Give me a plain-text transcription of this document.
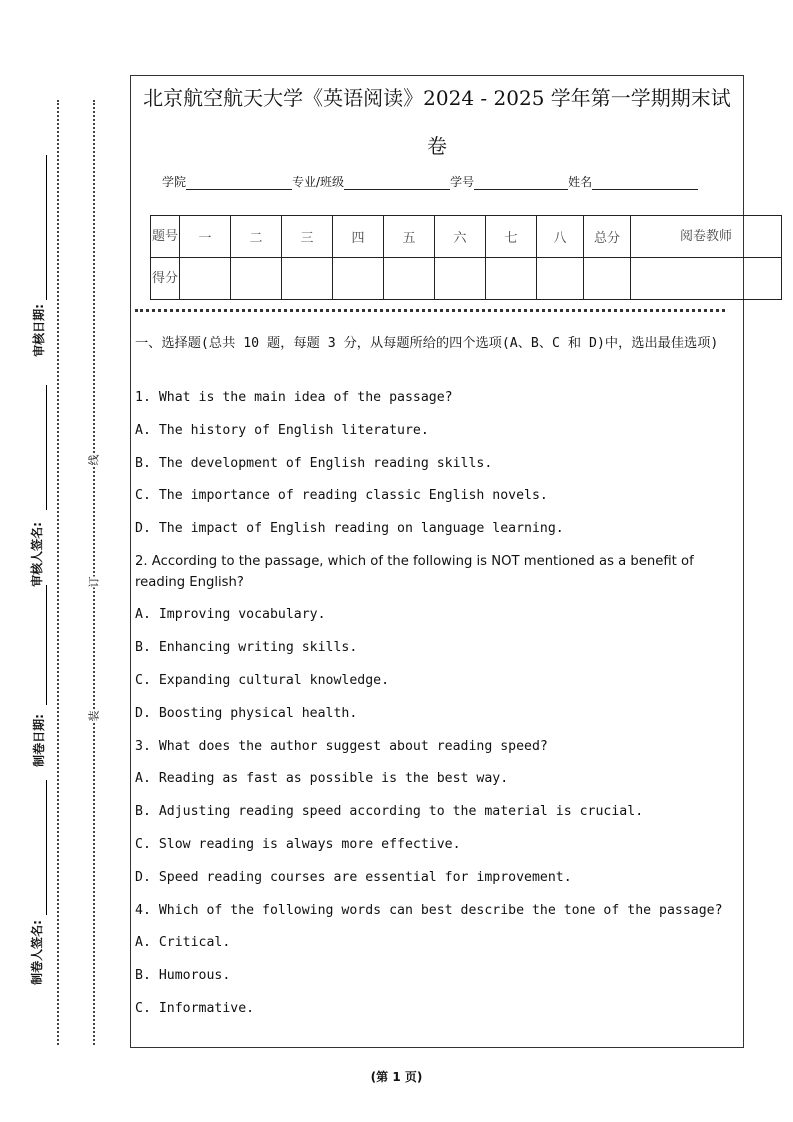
审核日期:
审核人签名:
制卷日期:
制卷人签名:
线
订
装
北京航空航天大学《英语阅读》2024 - 2025 学年第一学期期末试
卷
学院	专业/班级	学号	姓名
题号	一	二	三	四	五	六	七	八	总分	阅卷教师
得分										
一、选择题(总共 10 题，每题 3 分，从每题所给的四个选项(A、B、C 和 D)中，选出最佳选项)
1. What is the main idea of the passage?
A. The history of English literature.
B. The development of English reading skills.
C. The importance of reading classic English novels.
D. The impact of English reading on language learning.
2. According to the passage, which of the following is NOT mentioned as a benefit of reading English?
A. Improving vocabulary.
B. Enhancing writing skills.
C. Expanding cultural knowledge.
D. Boosting physical health.
3. What does the author suggest about reading speed?
A. Reading as fast as possible is the best way.
B. Adjusting reading speed according to the material is crucial.
C. Slow reading is always more effective.
D. Speed reading courses are essential for improvement.
4. Which of the following words can best describe the tone of the passage?
A. Critical.
B. Humorous.
C. Informative.
(第 1 页)
